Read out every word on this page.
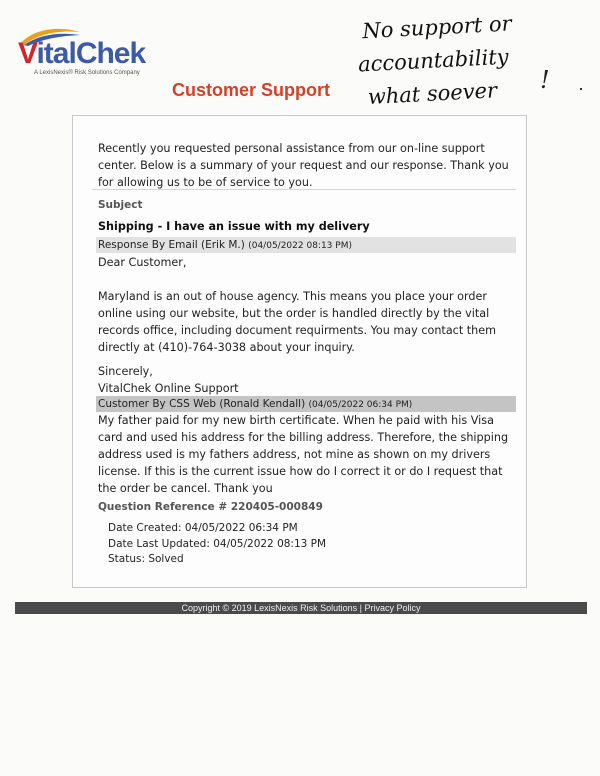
VitalChek
A LexisNexis® Risk Solutions Company
Customer Support
No support or
accountability
what soever	!
Recently you requested personal assistance from our on-line support center. Below is a summary of your request and our response. Thank you for allowing us to be of service to you.
Subject
Shipping - I have an issue with my delivery
Response By Email (Erik M.) (04/05/2022 08:13 PM)
Dear Customer,
Maryland is an out of house agency. This means you place your order online using our website, but the order is handled directly by the vital records office, including document requirments. You may contact them directly at (410)-764-3038 about your inquiry.
Sincerely,
VitalChek Online Support
Customer By CSS Web (Ronald Kendall) (04/05/2022 06:34 PM)
My father paid for my new birth certificate. When he paid with his Visa card and used his address for the billing address. Therefore, the shipping address used is my fathers address, not mine as shown on my drivers license. If this is the current issue how do I correct it or do I request that the order be cancel. Thank you
Question Reference # 220405-000849
Date Created: 04/05/2022 06:34 PM
Date Last Updated: 04/05/2022 08:13 PM
Status: Solved
Copyright © 2019 LexisNexis Risk Solutions | Privacy Policy
